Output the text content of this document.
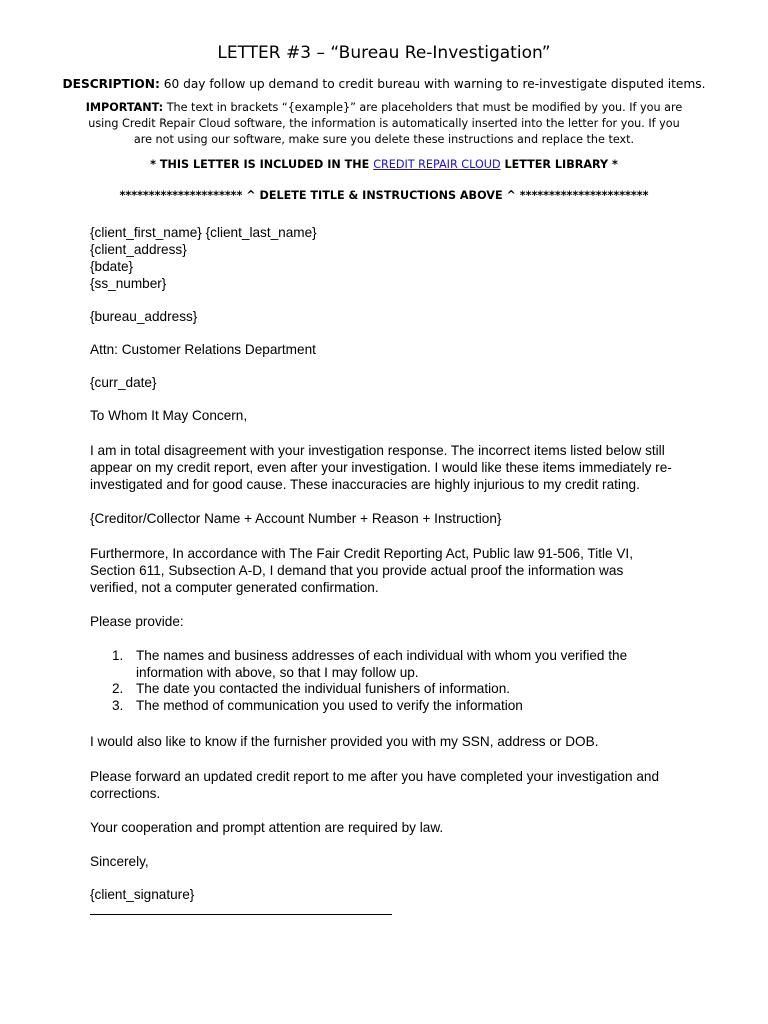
LETTER #3 – “Bureau Re-Investigation”
DESCRIPTION: 60 day follow up demand to credit bureau with warning to re-investigate disputed items.
IMPORTANT: The text in brackets “{example}” are placeholders that must be modified by you. If you are using Credit Repair Cloud software, the information is automatically inserted into the letter for you. If you are not using our software, make sure you delete these instructions and replace the text.
* THIS LETTER IS INCLUDED IN THE CREDIT REPAIR CLOUD LETTER LIBRARY *
********************* ^ DELETE TITLE & INSTRUCTIONS ABOVE ^ **********************
{client_first_name} {client_last_name}
{client_address}
{bdate}
{ss_number}
{bureau_address}
Attn: Customer Relations Department
{curr_date}
To Whom It May Concern,
I am in total disagreement with your investigation response. The incorrect items listed below still appear on my credit report, even after your investigation. I would like these items immediately re-investigated and for good cause. These inaccuracies are highly injurious to my credit rating.
{Creditor/Collector Name + Account Number + Reason + Instruction}
Furthermore, In accordance with The Fair Credit Reporting Act, Public law 91-506, Title VI, Section 611, Subsection A-D, I demand that you provide actual proof the information was verified, not a computer generated confirmation.
Please provide:
1. The names and business addresses of each individual with whom you verified the information with above, so that I may follow up.
2. The date you contacted the individual funishers of information.
3. The method of communication you used to verify the information
I would also like to know if the furnisher provided you with my SSN, address or DOB.
Please forward an updated credit report to me after you have completed your investigation and corrections.
Your cooperation and prompt attention are required by law.
Sincerely,
{client_signature}
